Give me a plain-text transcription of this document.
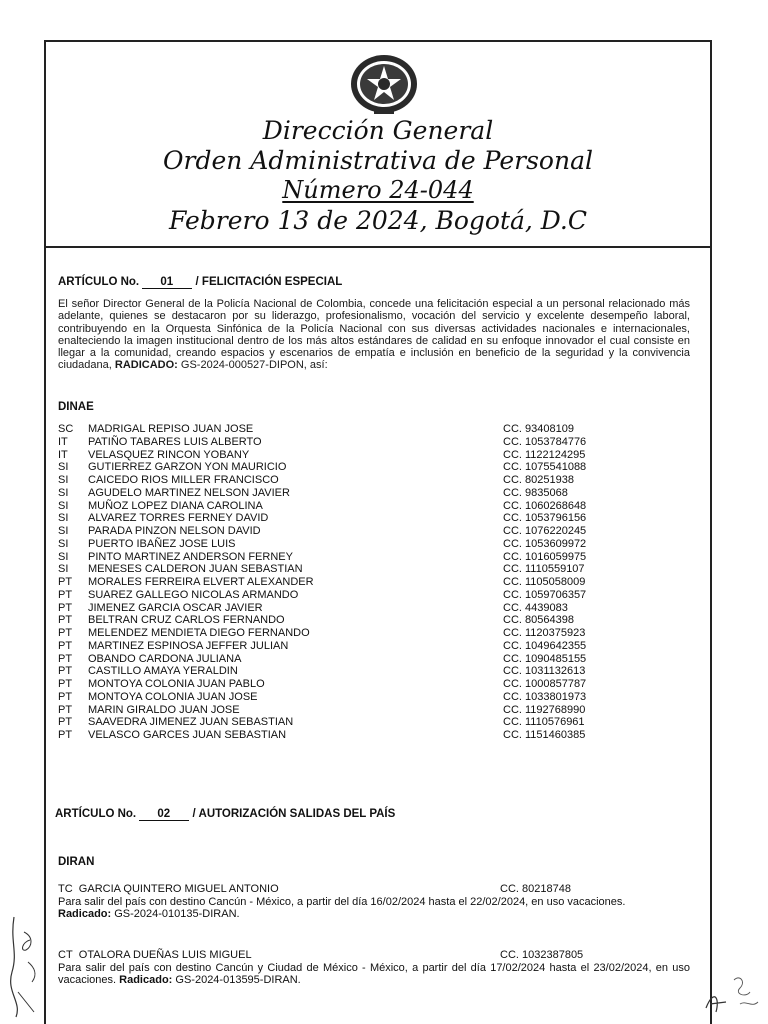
Dirección General
Orden Administrativa de Personal
Número 24-044
Febrero 13 de 2024, Bogotá, D.C
ARTÍCULO No. 01 / FELICITACIÓN ESPECIAL
El señor Director General de la Policía Nacional de Colombia, concede una felicitación especial a un personal relacionado más adelante, quienes se destacaron por su liderazgo, profesionalismo, vocación del servicio y excelente desempeño laboral, contribuyendo en la Orquesta Sinfónica de la Policía Nacional con sus diversas actividades nacionales e internacionales, enalteciendo la imagen institucional dentro de los más altos estándares de calidad en su enfoque innovador el cual consiste en llegar a la comunidad, creando espacios y escenarios de empatía e inclusión en beneficio de la seguridad y la convivencia ciudadana, RADICADO: GS-2024-000527-DIPON, así:
DINAE
SC MADRIGAL REPISO JUAN JOSE	CC. 93408109
IT PATIÑO TABARES LUIS ALBERTO	CC. 1053784776
IT VELASQUEZ RINCON YOBANY	CC. 1122124295
SI GUTIERREZ GARZON YON MAURICIO	CC. 1075541088
SI CAICEDO RIOS MILLER FRANCISCO	CC. 80251938
SI AGUDELO MARTINEZ NELSON JAVIER	CC. 9835068
SI MUÑOZ LOPEZ DIANA CAROLINA	CC. 1060268648
SI ALVAREZ TORRES FERNEY DAVID	CC. 1053796156
SI PARADA PINZON NELSON DAVID	CC. 1076220245
SI PUERTO IBAÑEZ JOSE LUIS	CC. 1053609972
SI PINTO MARTINEZ ANDERSON FERNEY	CC. 1016059975
SI MENESES CALDERON JUAN SEBASTIAN	CC. 1110559107
PT MORALES FERREIRA ELVERT ALEXANDER	CC. 1105058009
PT SUAREZ GALLEGO NICOLAS ARMANDO	CC. 1059706357
PT JIMENEZ GARCIA OSCAR JAVIER	CC. 4439083
PT BELTRAN CRUZ CARLOS FERNANDO	CC. 80564398
PT MELENDEZ MENDIETA DIEGO FERNANDO	CC. 1120375923
PT MARTINEZ ESPINOSA JEFFER JULIAN	CC. 1049642355
PT OBANDO CARDONA JULIANA	CC. 1090485155
PT CASTILLO AMAYA YERALDIN	CC. 1031132613
PT MONTOYA COLONIA JUAN PABLO	CC. 1000857787
PT MONTOYA COLONIA JUAN JOSE	CC. 1033801973
PT MARIN GIRALDO JUAN JOSE	CC. 1192768990
PT SAAVEDRA JIMENEZ JUAN SEBASTIAN	CC. 1110576961
PT VELASCO GARCES JUAN SEBASTIAN	CC. 1151460385
ARTÍCULO No. 02 / AUTORIZACIÓN SALIDAS DEL PAÍS
DIRAN
TC GARCIA QUINTERO MIGUEL ANTONIO	CC. 80218748
Para salir del país con destino Cancún - México, a partir del día 16/02/2024 hasta el 22/02/2024, en uso vacaciones.
Radicado: GS-2024-010135-DIRAN.
CT OTALORA DUEÑAS LUIS MIGUEL	CC. 1032387805
Para salir del país con destino Cancún y Ciudad de México - México, a partir del día 17/02/2024 hasta el 23/02/2024, en uso vacaciones. Radicado: GS-2024-013595-DIRAN.
